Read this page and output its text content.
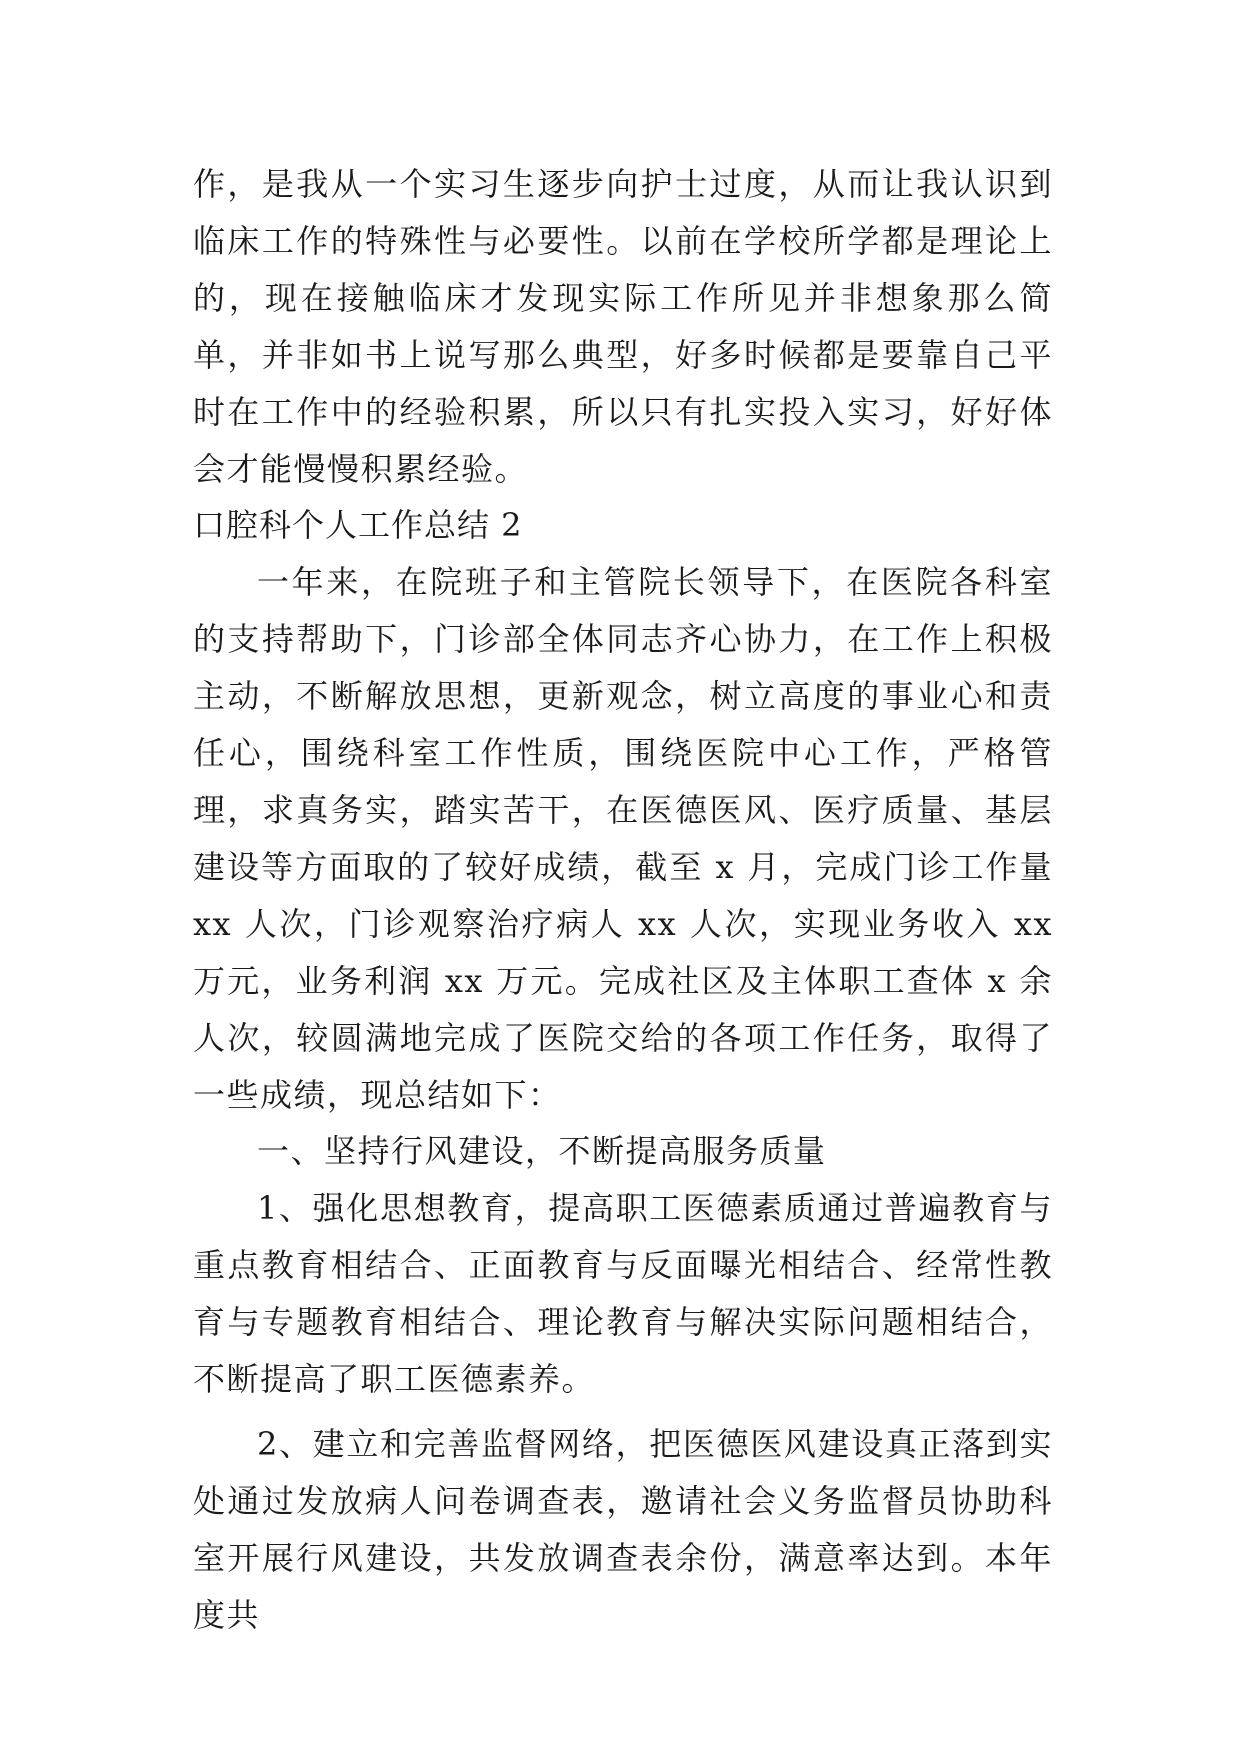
作，是我从一个实习生逐步向护士过度，从而让我认识到临床工作的特殊性与必要性。以前在学校所学都是理论上的，现在接触临床才发现实际工作所见并非想象那么简单，并非如书上说写那么典型，好多时候都是要靠自己平时在工作中的经验积累，所以只有扎实投入实习，好好体会才能慢慢积累经验。

口腔科个人工作总结 2

一年来，在院班子和主管院长领导下，在医院各科室的支持帮助下，门诊部全体同志齐心协力，在工作上积极主动，不断解放思想，更新观念，树立高度的事业心和责任心，围绕科室工作性质，围绕医院中心工作，严格管理，求真务实，踏实苦干，在医德医风、医疗质量、基层建设等方面取的了较好成绩，截至 x 月，完成门诊工作量 xx 人次，门诊观察治疗病人 xx 人次，实现业务收入 xx 万元，业务利润 xx 万元。完成社区及主体职工查体 x 余人次，较圆满地完成了医院交给的各项工作任务，取得了一些成绩，现总结如下：

一、坚持行风建设，不断提高服务质量

1、强化思想教育，提高职工医德素质通过普遍教育与重点教育相结合、正面教育与反面曝光相结合、经常性教育与专题教育相结合、理论教育与解决实际问题相结合，不断提高了职工医德素养。

2、建立和完善监督网络，把医德医风建设真正落到实处通过发放病人问卷调查表，邀请社会义务监督员协助科室开展行风建设，共发放调查表余份，满意率达到。本年度共
